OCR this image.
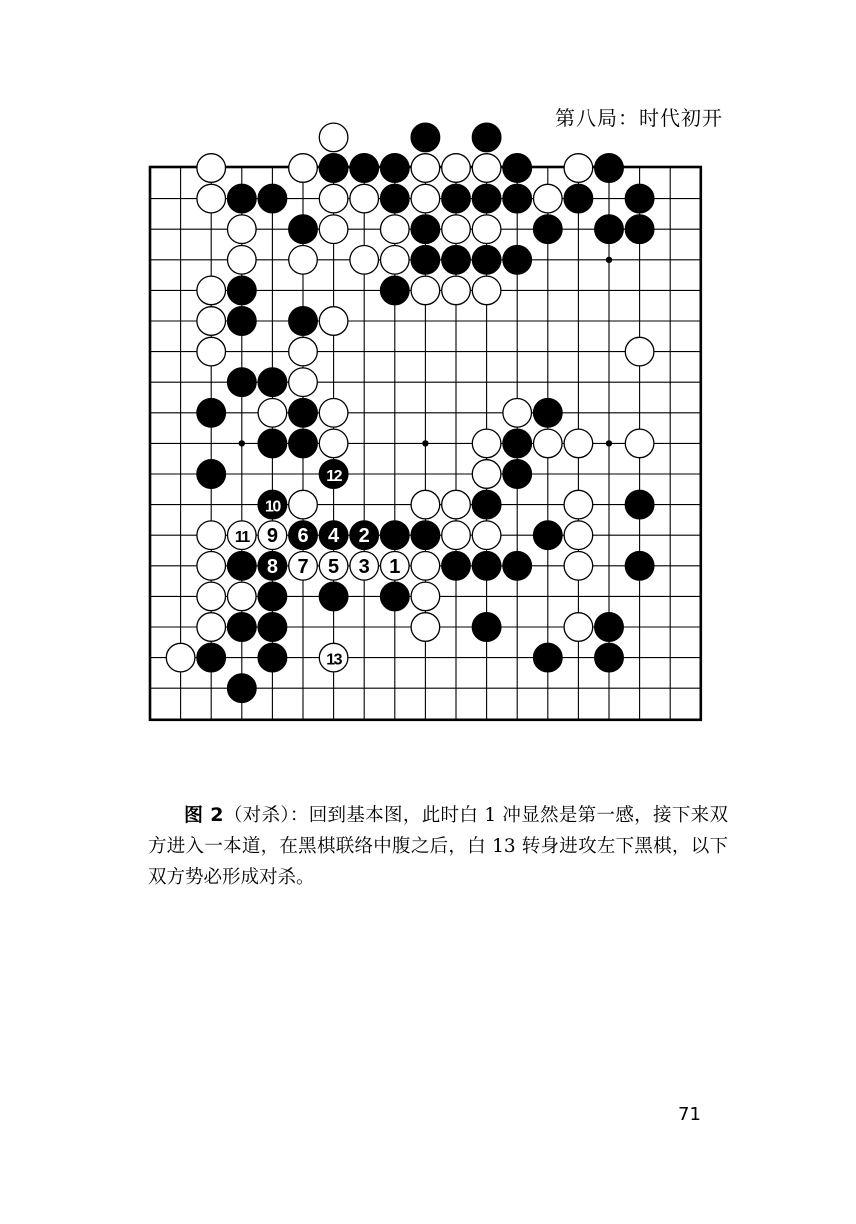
第八局：时代初开
12
10
11 9 6 4 2
8 7 5 3 1
13
图 2（对杀）：回到基本图，此时白 1 冲显然是第一感，接下来双方进入一本道，在黑棋联络中腹之后，白 13 转身进攻左下黑棋，以下双方势必形成对杀。
71
